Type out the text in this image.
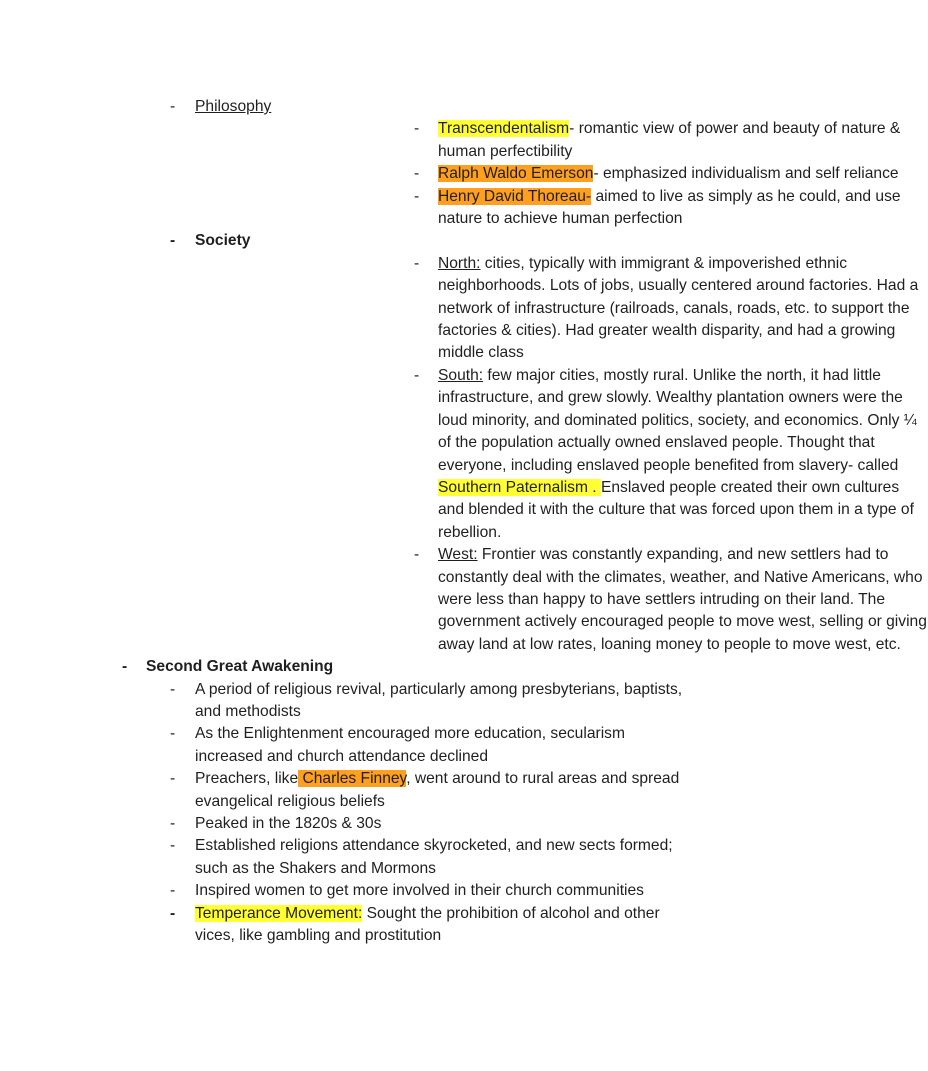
- Philosophy
- Transcendentalism- romantic view of power and beauty of nature & human perfectibility
- Ralph Waldo Emerson- emphasized individualism and self reliance
- Henry David Thoreau- aimed to live as simply as he could, and use nature to achieve human perfection
- Society
- North: cities, typically with immigrant & impoverished ethnic neighborhoods. Lots of jobs, usually centered around factories. Had a network of infrastructure (railroads, canals, roads, etc. to support the factories & cities). Had greater wealth disparity, and had a growing middle class
- South: few major cities, mostly rural. Unlike the north, it had little infrastructure, and grew slowly. Wealthy plantation owners were the loud minority, and dominated politics, society, and economics. Only ¼ of the population actually owned enslaved people. Thought that everyone, including enslaved people benefited from slavery- called Southern Paternalism . Enslaved people created their own cultures and blended it with the culture that was forced upon them in a type of rebellion.
- West: Frontier was constantly expanding, and new settlers had to constantly deal with the climates, weather, and Native Americans, who were less than happy to have settlers intruding on their land. The government actively encouraged people to move west, selling or giving away land at low rates, loaning money to people to move west, etc.
- Second Great Awakening
- A period of religious revival, particularly among presbyterians, baptists, and methodists
- As the Enlightenment encouraged more education, secularism increased and church attendance declined
- Preachers, like Charles Finney, went around to rural areas and spread evangelical religious beliefs
- Peaked in the 1820s & 30s
- Established religions attendance skyrocketed, and new sects formed; such as the Shakers and Mormons
- Inspired women to get more involved in their church communities
- Temperance Movement: Sought the prohibition of alcohol and other vices, like gambling and prostitution
